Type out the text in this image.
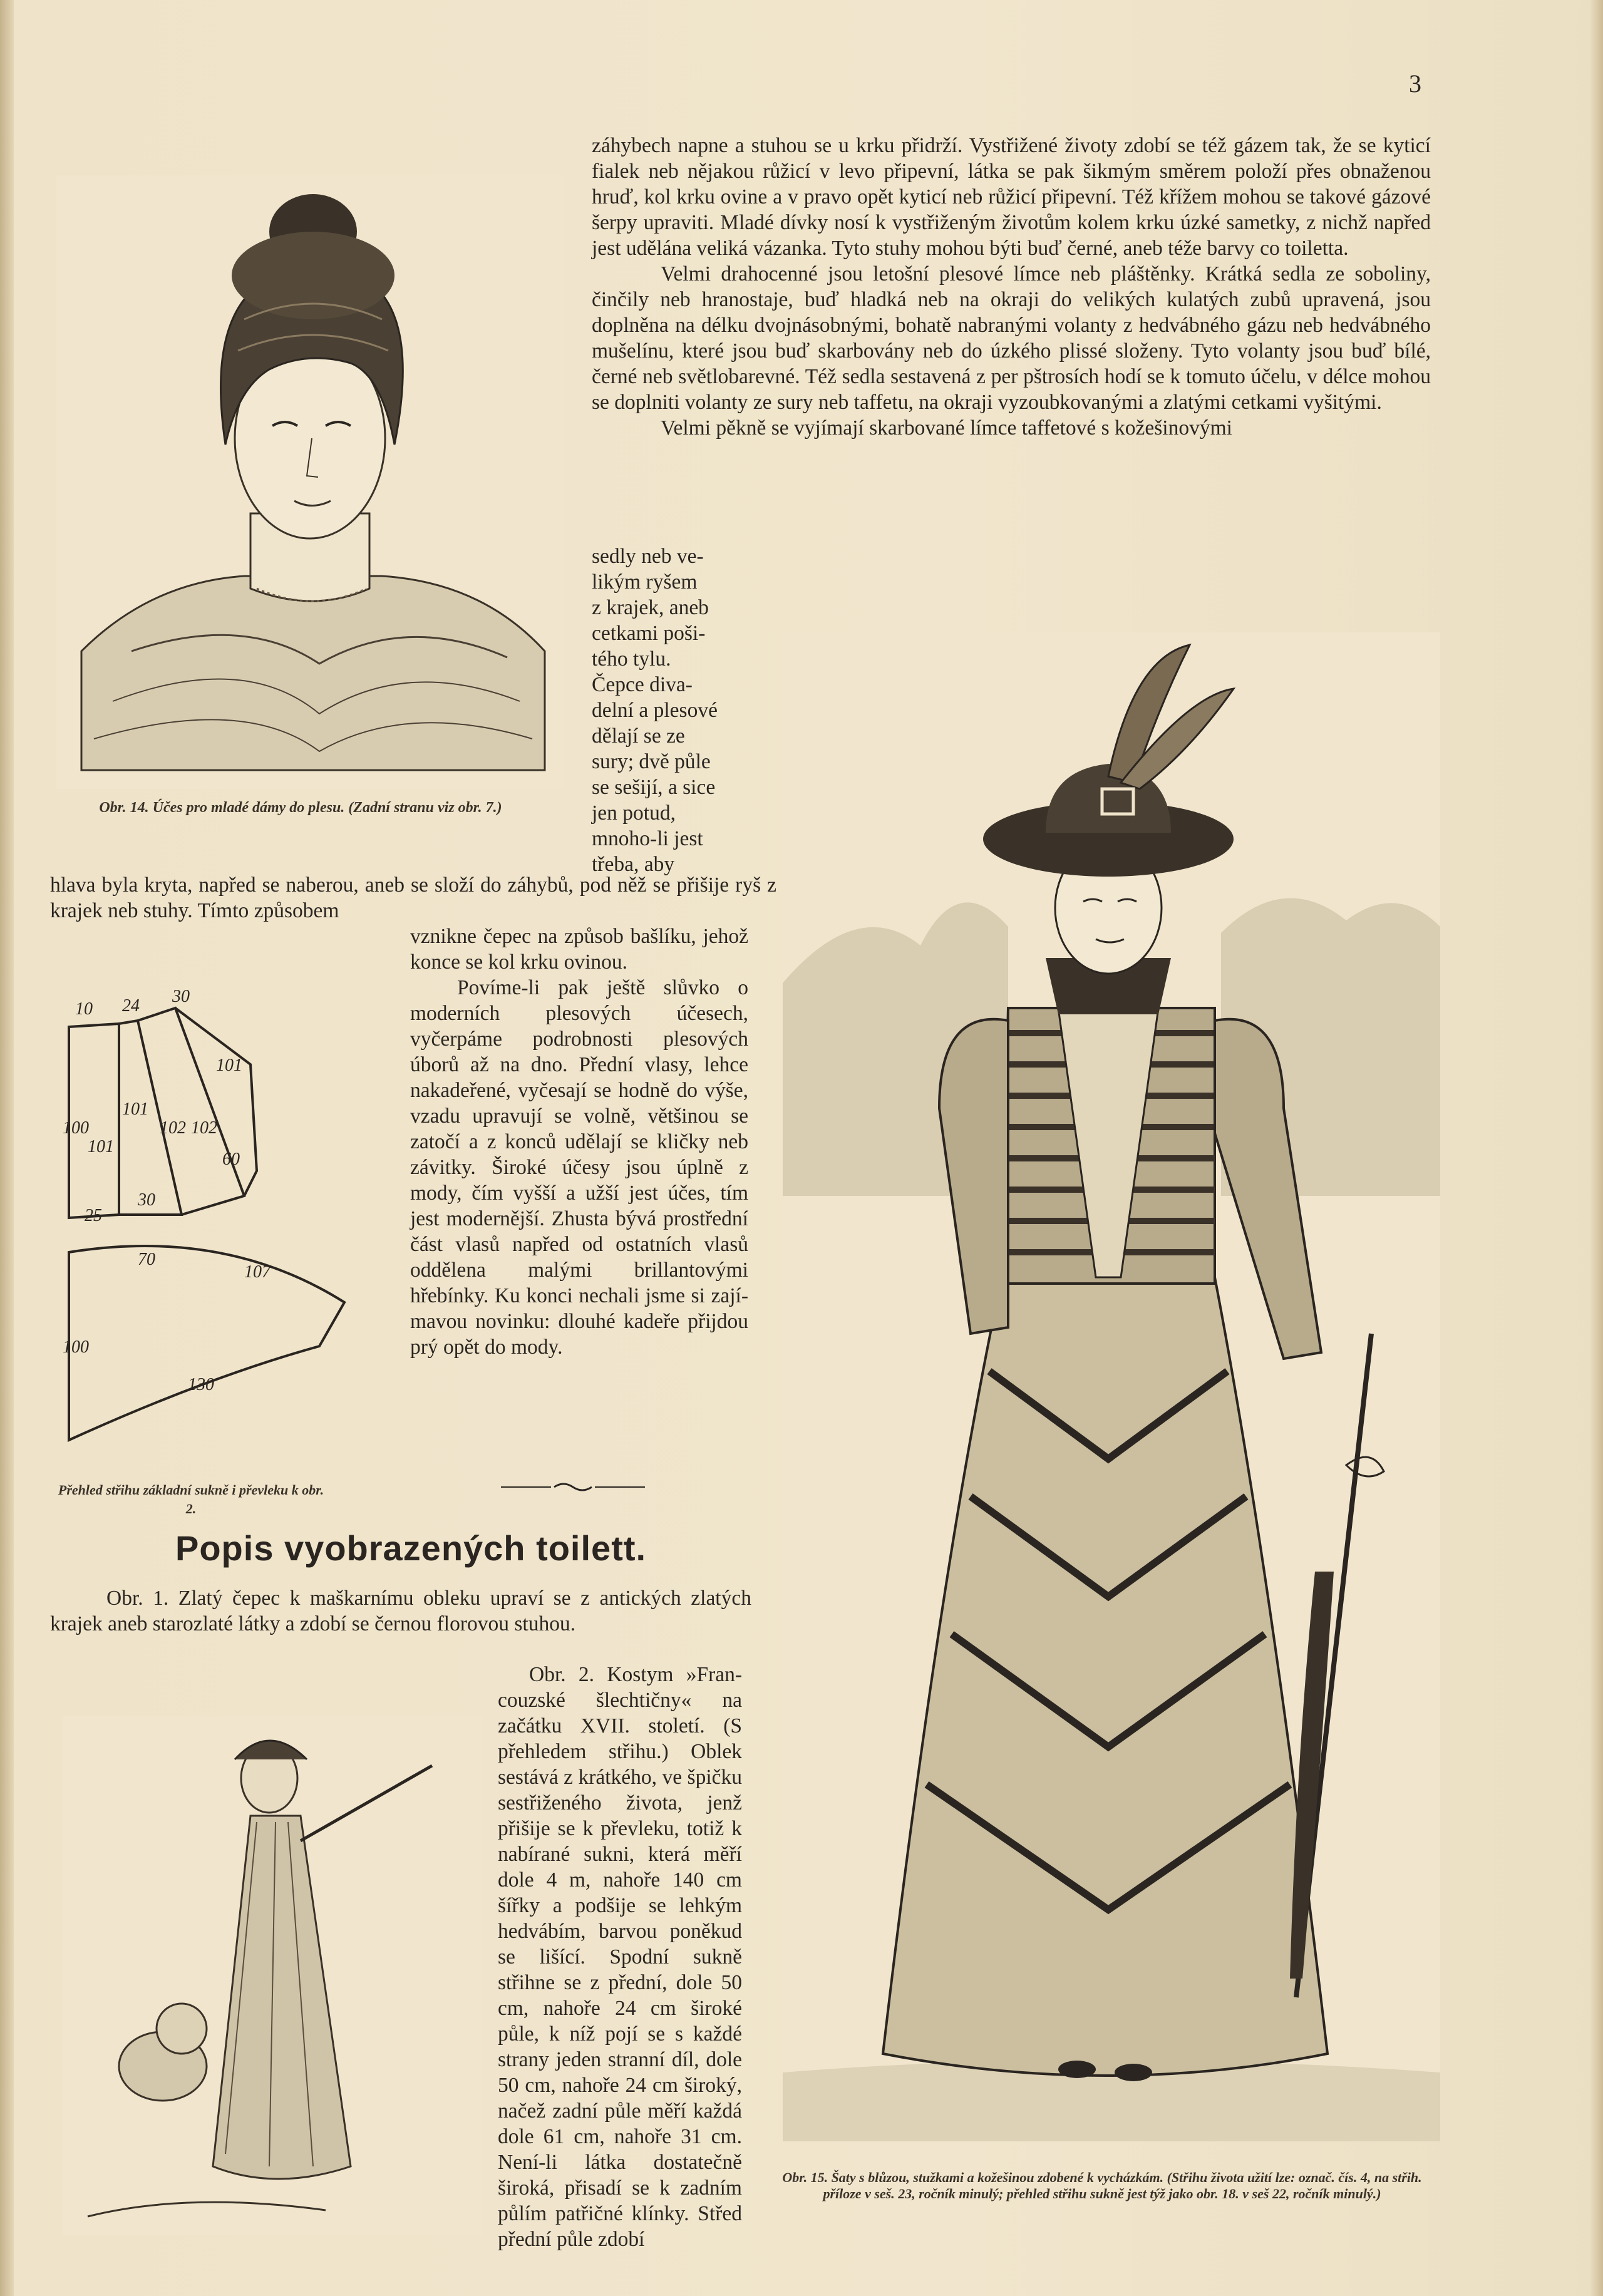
3
Obr. 14. Účes pro mladé dámy do plesu. (Zadní stranu viz obr. 7.)

záhybech napne a stuhou se u krku přidrží. Vystřižené životy zdobí se též gázem tak, že se kyticí fialek neb nějakou růžicí v levo připevní, látka se pak šikmým směrem položí přes obnaženou hruď, kol krku ovine a v pravo opět kyticí neb růžicí připevní. Též křížem mohou se takové gázové šerpy upraviti. Mladé dívky nosí k vystřiženým životům kolem krku úzké sametky, z nichž napřed jest udělána veliká vázanka. Tyto stuhy mohou býti buď černé, aneb téže barvy co toiletta.

Velmi drahocenné jsou letošní plesové límce neb pláštěnky. Krátká sedla ze soboliny, činčily neb hranostaje, buď hladká neb na okraji do velikých kulatých zubů upravená, jsou doplněna na délku dvojnásobnými, bohatě nabranými volanty z hedvábného gázu neb hedvábného mušelínu, které jsou buď skarbovány neb do úzkého plissé složeny. Tyto volanty jsou buď bílé, černé neb světlobarevné. Též sedla sestavená z per pštrosích hodí se k tomuto účelu, v délce mohou se doplniti volanty ze sury neb taffetu, na okraji vyzoubkovanými a zlatými cetkami vyšitými.

Velmi pěkně se vyjímají skarbované límce taffetové s kožešinovými

sedly neb ve-
likým ryšem
z krajek, aneb
cetkami poši-
tého tylu.
Čepce diva-
delní a plesové
dělají se ze
sury; dvě půle
se sešijí, a sice
jen potud,
mnoho-li jest
třeba, aby
hlava byla kryta, napřed se naberou, aneb se složí do záhybů, pod něž se přišije ryš z krajek neb stuhy. Tímto způsobem

vznikne čepec na způsob bašlíku, jehož konce se kol krku ovinou.

Povíme-li pak ještě slůvko o moderních plesových účesech, vyčerpáme podrobnosti plesových úborů až na dno. Přední vlasy, lehce nakadeřené, vyčesají se hodně do výše, vzadu upravují se volně, většinou se zatočí a z konců udělají se kličky neb závitky. Široké účesy jsou úplně z mody, čím vyšší a užší jest účes, tím jest modernější. Zhusta bývá prostřední část vlasů napřed od ostatních vlasů oddělena malými brillantovými hřebínky. Ku konci nechali jsme si zajímavou novinku: dlouhé kadeře přijdou prý opět do mody.

10 24 30
100
101
101
102 102
101
60
25
30
70
107
100
130
Přehled střihu základní sukně i převleku k obr. 2.
Popis vyobrazených toilett.
Obr. 1. Zlatý čepec k maškarnímu obleku upraví se z antických zlatých krajek aneb starozlaté látky a zdobí se černou florovou stuhou.
Obr. 2. Kostym »Francouzské šlechtičny« na začátku XVII. století. (S přehledem střihu.) Oblek sestává z krátkého, ve špičku sestřiženého života, jenž přišije se k převleku, totiž k nabírané sukni, která měří dole 4 m, nahoře 140 cm šířky a podšije se lehkým hedvábím, barvou poněkud se lišící. Spodní sukně střihne se z přední, dole 50 cm, nahoře 24 cm široké půle, k níž pojí se s každé strany jeden stranní díl, dole 50 cm, nahoře 24 cm široký, načež zadní půle měří každá dole 61 cm, nahoře 31 cm. Není-li látka dostatečně široká, přisadí se k zadním půlím patřičné klínky. Střed přední půle zdobí
Obr. 15. Šaty s blůzou, stužkami a kožešinou zdobené k vycházkám. (Střihu života užití lze: označ. čís. 4, na střih. příloze v seš. 23, ročník minulý; přehled střihu sukně jest týž jako obr. 18. v seš 22, ročník minulý.)
